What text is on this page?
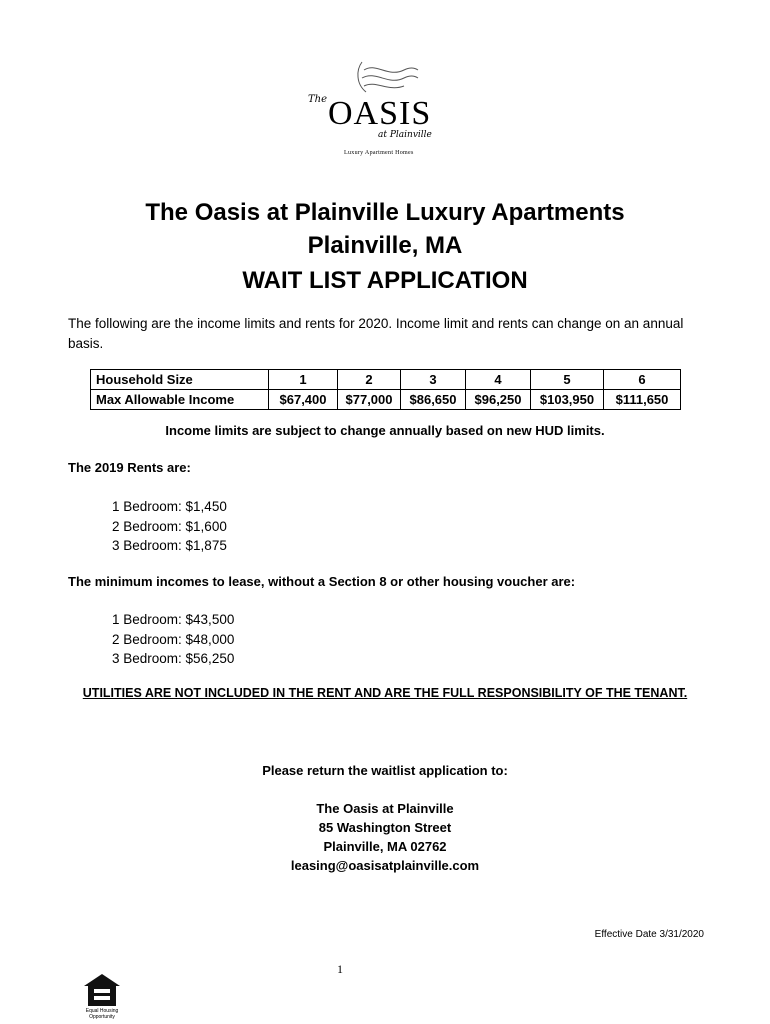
The OASIS
at Plainville
Luxury Apartment Homes
The Oasis at Plainville Luxury Apartments
Plainville, MA
WAIT LIST APPLICATION
The following are the income limits and rents for 2020. Income limit and rents can change on an annual basis.
Household Size	1	2	3	4	5	6
Max Allowable Income	$67,400	$77,000	$86,650	$96,250	$103,950	$111,650
Income limits are subject to change annually based on new HUD limits.
The 2019 Rents are:
1 Bedroom: $1,450
2 Bedroom: $1,600
3 Bedroom: $1,875
The minimum incomes to lease, without a Section 8 or other housing voucher are:
1 Bedroom: $43,500
2 Bedroom: $48,000
3 Bedroom: $56,250
UTILITIES ARE NOT INCLUDED IN THE RENT AND ARE THE FULL RESPONSIBILITY OF THE TENANT.
Please return the waitlist application to:
The Oasis at Plainville
85 Washington Street
Plainville, MA 02762
leasing@oasisatplainville.com
Effective Date 3/31/2020
1
Equal Housing Opportunity
